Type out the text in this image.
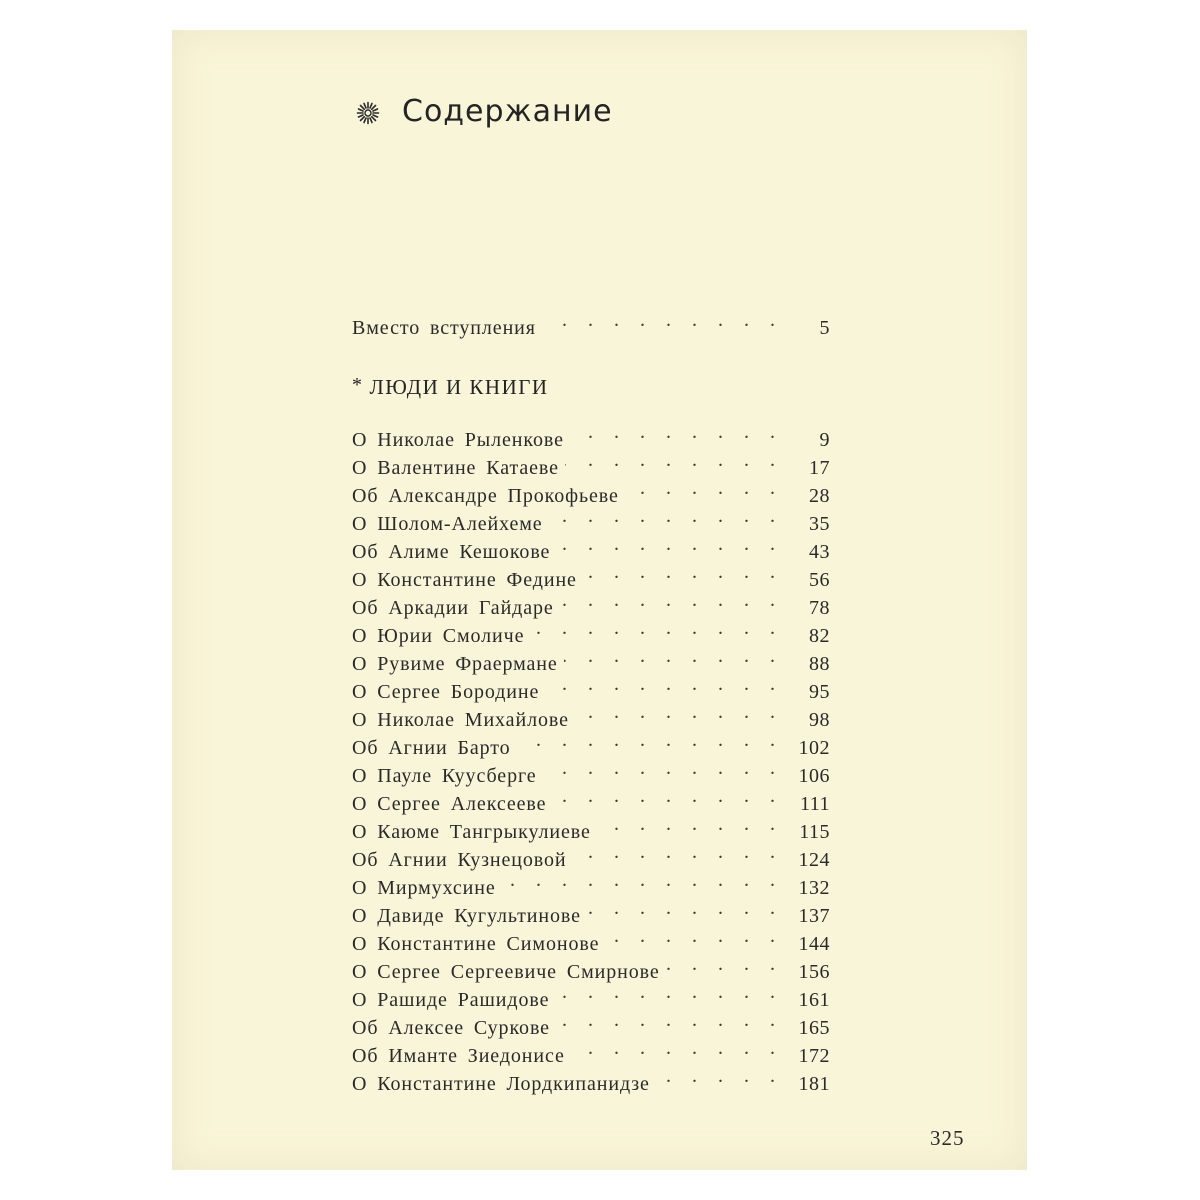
Содержание
Вместо вступления . . .	5
* ЛЮДИ И КНИГИ
О Николае Рыленкове . . .	9
О Валентине Катаеве . . .	17
Об Александре Прокофьеве . . .	28
О Шолом-Алейхеме . . .	35
Об Алиме Кешокове . . .	43
О Константине Федине . . .	56
Об Аркадии Гайдаре . . .	78
О Юрии Смоличе . . .	82
О Рувиме Фраермане . . .	88
О Сергее Бородине . . .	95
О Николае Михайлове . . .	98
Об Агнии Барто . . .	102
О Пауле Куусберге . . .	106
О Сергее Алексееве . . .	111
О Каюме Тангрыкулиеве . . .	115
Об Агнии Кузнецовой . . .	124
О Мирмухсине . . .	132
О Давиде Кугультинове . . .	137
О Константине Симонове . . .	144
О Сергее Сергеевиче Смирнове . . .	156
О Рашиде Рашидове . . .	161
Об Алексее Суркове . . .	165
Об Иманте Зиедонисе . . .	172
О Константине Лордкипанидзе . . .	181
325
